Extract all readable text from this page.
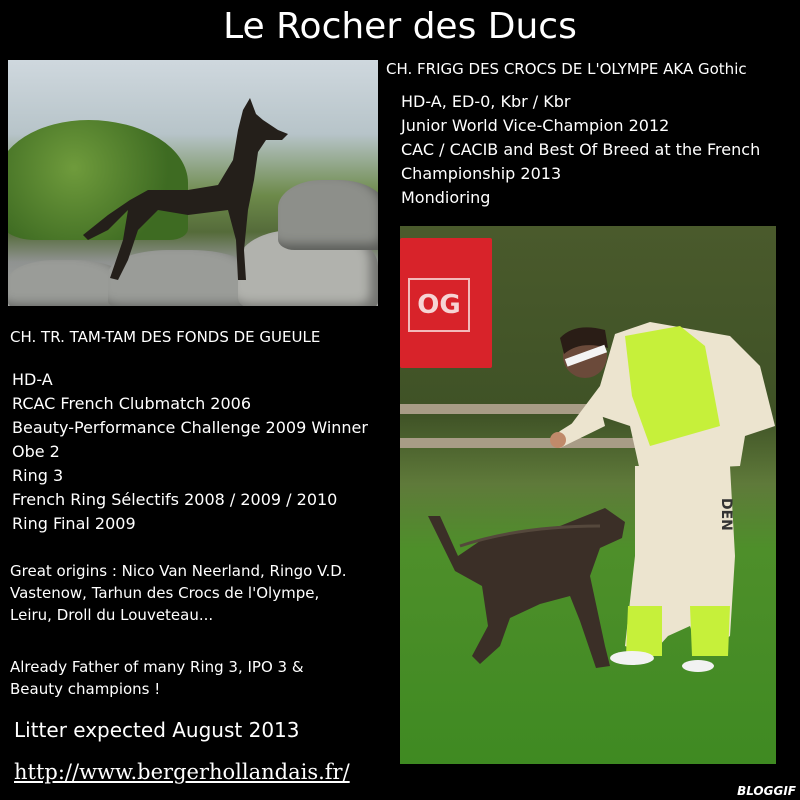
Le Rocher des Ducs
CH. FRIGG DES CROCS DE L'OLYMPE AKA Gothic
HD-A, ED-0, Kbr / Kbr
Junior World Vice-Champion 2012
CAC / CACIB and Best Of Breed at the French
Championship 2013
Mondioring
CH. TR. TAM-TAM DES FONDS DE GUEULE
HD-A
RCAC French Clubmatch 2006
Beauty-Performance Challenge 2009 Winner
Obe 2
Ring 3
French Ring Sélectifs 2008 / 2009 / 2010
Ring Final 2009
Great origins : Nico Van Neerland, Ringo V.D.
Vastenow, Tarhun des Crocs de l'Olympe,
Leiru, Droll du Louveteau...
Already Father of many Ring 3, IPO 3 &
Beauty champions !
OG
DEN
Litter expected August 2013
http://www.bergerhollandais.fr/
BLOGGIF
